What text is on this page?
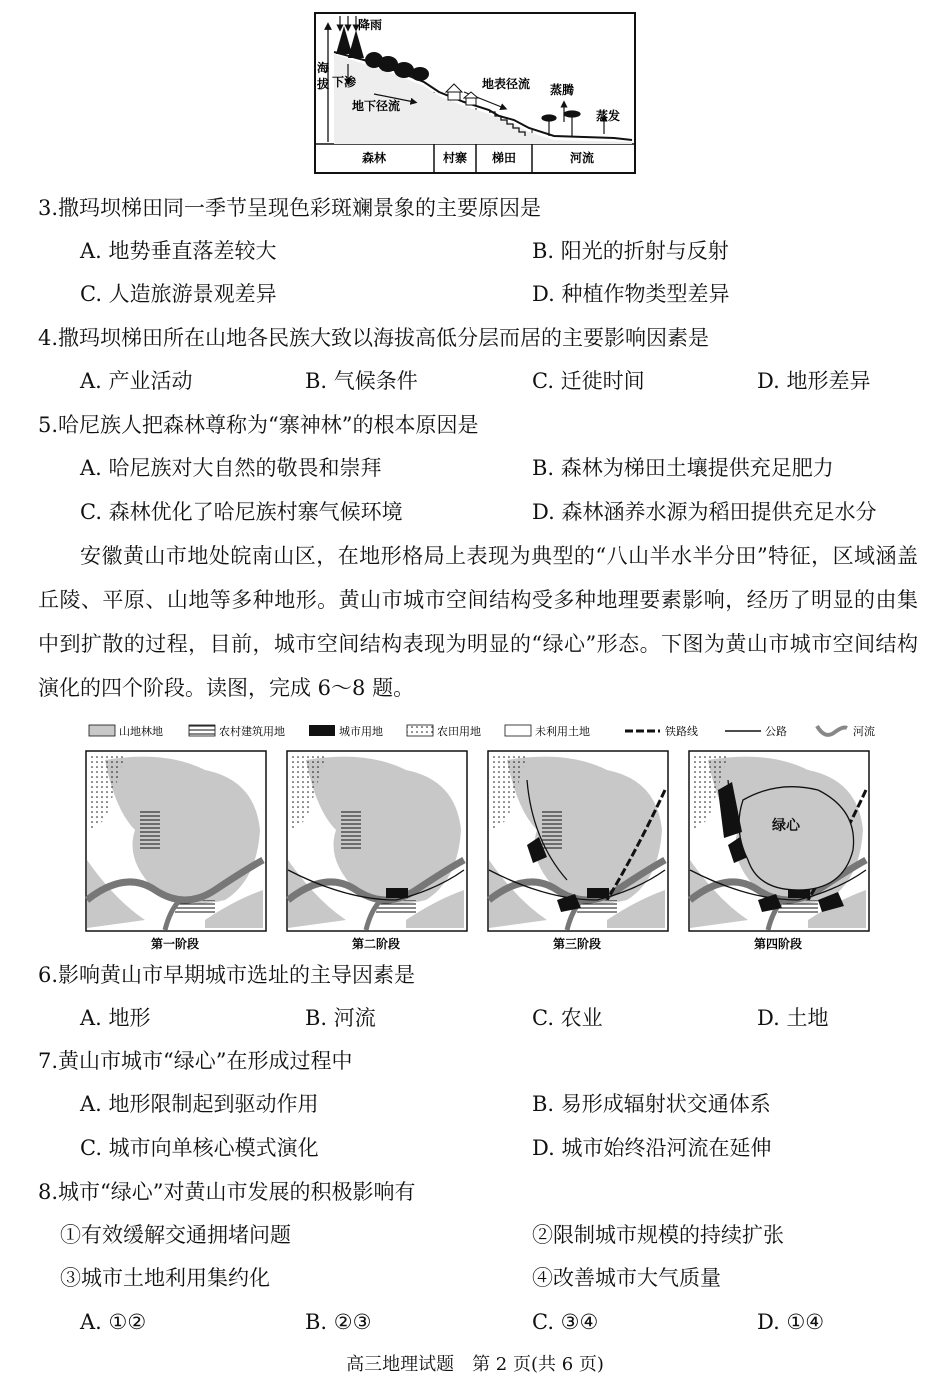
降雨
海
拔 下渗
地下径流
地表径流 蒸腾
蒸发
森林	村寨 梯田	河流
3.撒玛坝梯田同一季节呈现色彩斑斓景象的主要原因是
A. 地势垂直落差较大	B. 阳光的折射与反射
C. 人造旅游景观差异	D. 种植作物类型差异
4.撒玛坝梯田所在山地各民族大致以海拔高低分层而居的主要影响因素是
A. 产业活动	B. 气候条件	C. 迁徙时间	D. 地形差异
5.哈尼族人把森林尊称为“寨神林”的根本原因是
A. 哈尼族对大自然的敬畏和崇拜	B. 森林为梯田土壤提供充足肥力
C. 森林优化了哈尼族村寨气候环境	D. 森林涵养水源为稻田提供充足水分
安徽黄山市地处皖南山区，在地形格局上表现为典型的“八山半水半分田”特征，区域涵盖丘陵、平原、山地等多种地形。黄山市城市空间结构受多种地理要素影响，经历了明显的由集中到扩散的过程，目前，城市空间结构表现为明显的“绿心”形态。下图为黄山市城市空间结构演化的四个阶段。读图，完成 6～8 题。
山地林地	农村建筑用地	城市用地	农田用地	未利用土地	铁路线	公路	河流
第一阶段	第二阶段	第三阶段	第四阶段
绿心
6.影响黄山市早期城市选址的主导因素是
A. 地形	B. 河流	C. 农业	D. 土地
7.黄山市城市“绿心”在形成过程中
A. 地形限制起到驱动作用	B. 易形成辐射状交通体系
C. 城市向单核心模式演化	D. 城市始终沿河流在延伸
8.城市“绿心”对黄山市发展的积极影响有
①有效缓解交通拥堵问题	②限制城市规模的持续扩张
③城市土地利用集约化	④改善城市大气质量
A. ①②	B. ②③	C. ③④	D. ①④
高三地理试题　第 2 页(共 6 页)
